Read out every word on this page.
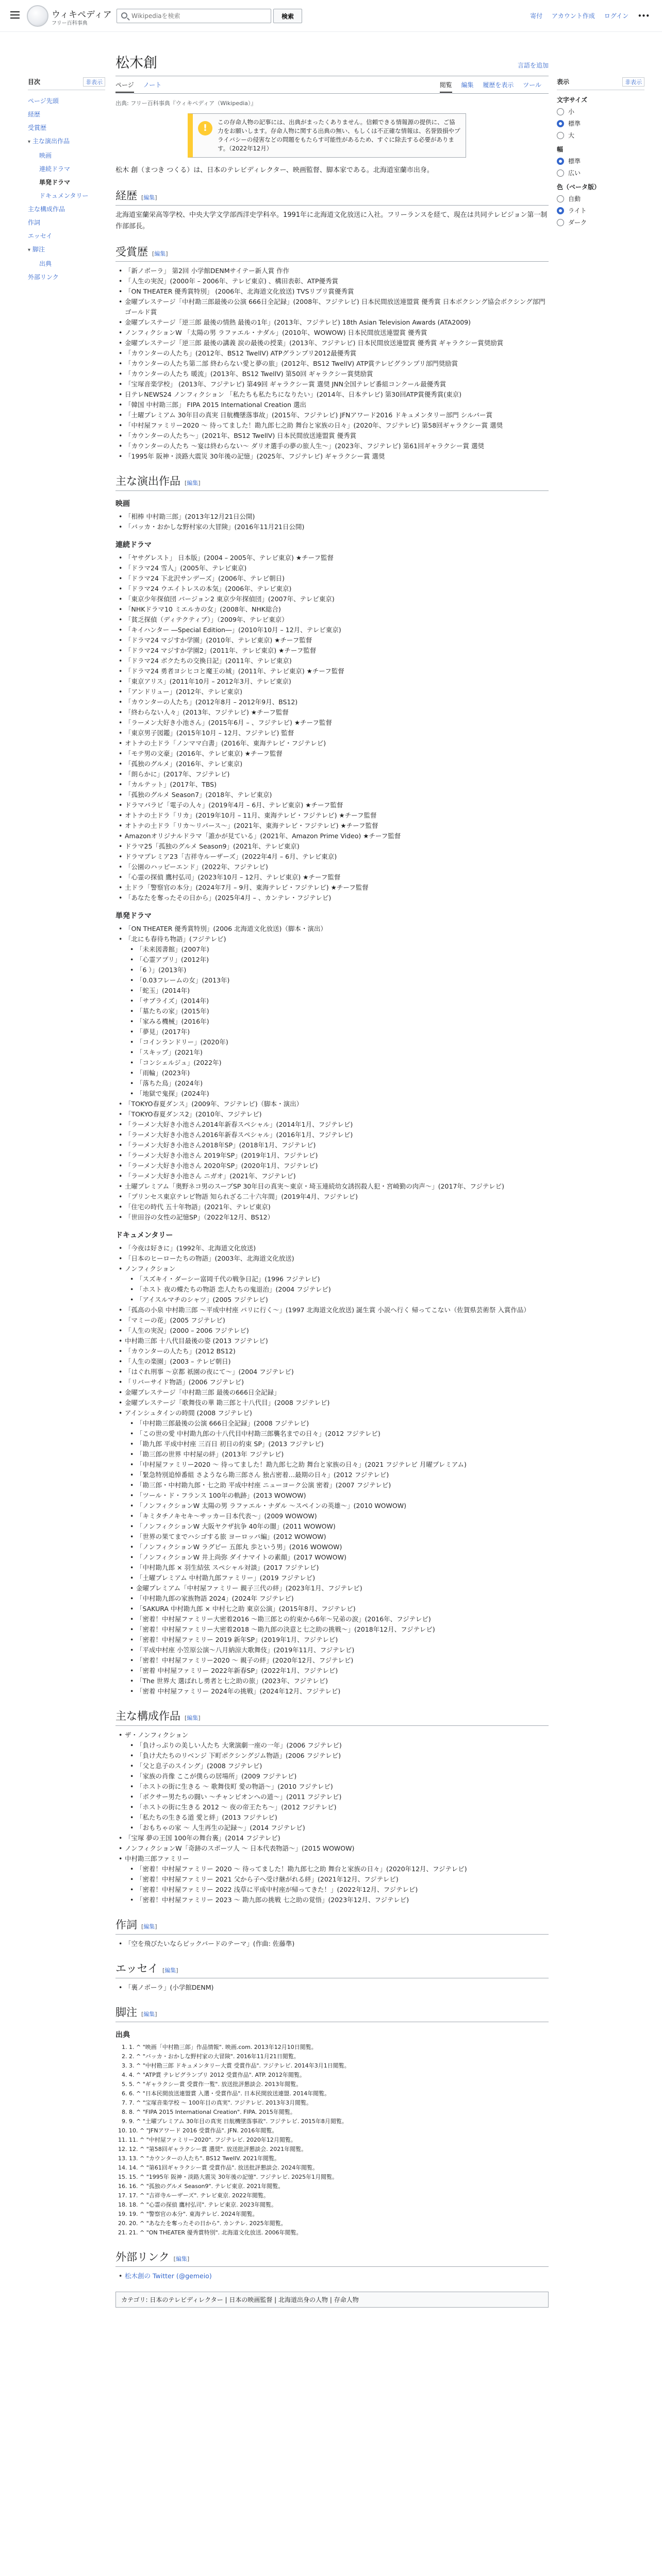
ウィキペディア
フリー百科事典
Wikipediaを検索
検索	寄付 アカウント作成 ログイン •••
目次	非表示
ページ先頭
経歴
受賞歴
▾ 主な演出作品
映画
連続ドラマ
単発ドラマ
ドキュメンタリー
主な構成作品
作詞
エッセイ
▾ 脚注
出典
外部リンク
松木創	言語を追加
ページ ノート	閲覧 編集 履歴を表示 ツール
出典: フリー百科事典『ウィキペディア（Wikipedia）』
!
この存命人物の記事には、出典がまったくありません。信頼できる情報源の提供に、ご協力をお願いします。存命人物に関する出典の無い、もしくは不正確な情報は、名誉毀損やプライバシーの侵害などの問題をもたらす可能性があるため、すぐに除去する必要があります。（2022年12月）

松木 創（まつき つくる）は、日本のテレビディレクター、映画監督、脚本家である。北海道室蘭市出身。

経歴 [編集]

北海道室蘭栄高等学校、中央大学文学部西洋史学科卒。1991年に北海道文化放送に入社。フリーランスを経て、現在は共同テレビジョン第一制作部部長。

受賞歴 [編集]
• 「新ノボーラ」 第2回 小学館DENMサイテー新人賞 作作
• 「人生の実況」(2000年 – 2006年、テレビ東京) 、構田表彰、ATP優秀賞
• 「ON THEATER 優秀賞特別」 (2006年、北海道文化放送) TVSリプリ賞優秀賞
• 金曜プレステージ「中村勘三郎最後の公演 666日全記録」(2008年、フジテレビ) 日本民間放送連盟賞 優秀賞 日本ボクシング協会ボクシング部門 ゴールド賞
• 金曜プレステージ「逆三郎 最後の情熱 最後の1年」(2013年、フジテレビ) 18th Asian Television Awards (ATA2009)
• ノンフィクションW 「太陽の男 ラファエル・ナダル」(2010年、WOWOW) 日本民間放送連盟賞 優秀賞
• 金曜プレステージ「逆三郎 最後の講義 涙の最後の授業」(2013年、フジテレビ) 日本民間放送連盟賞 優秀賞 ギャラクシー賞奨励賞
• 「カウンターの人たち」(2012年、BS12 TwellV) ATPグランプリ2012最優秀賞
• 「カウンターの人たち第二部 終わらない愛と夢の旅」(2012年、BS12 TwellV) ATP賞テレビグランプリ部門奨励賞
• 「カウンターの人たち 暖流」(2013年、BS12 TwellV) 第50回 ギャラクシー賞奨励賞
• 「宝塚音楽学校」 (2013年、フジテレビ) 第49回 ギャラクシー賞 選奨 JNN全国テレビ番組コンクール最優秀賞
• 日テレNEWS24 ノンフィクション 「私たちも私たちになりたい」(2014年、日本テレビ) 第30回ATP賞優秀賞(東京)
• 「韓国 中村勘三郎」 FIPA 2015 International Creation 選出
• 「土曜プレミアム 30年目の真実 日航機墜落事故」(2015年、フジテレビ) JFNアワード2016 ドキュメンタリー部門 シルバー賞
• 「中村屋ファミリー2020 〜 待ってました！勘九郎七之助 舞台と家族の日々」(2020年、フジテレビ) 第58回ギャラクシー賞 選奨
• 「カウンターの人たち～」(2021年、BS12 TwellV) 日本民間放送連盟賞 優秀賞
• 「カウンターの人たち 〜宴は終わらない〜 ダリオ選手の夢の旅人生～」(2023年、フジテレビ) 第61回ギャラクシー賞 選奨
• 「1995年 阪神・淡路大震災 30年後の記憶」(2025年、フジテレビ) ギャラクシー賞 選奨
主な演出作品 [編集]
映画
• 「相棒 中村勘三郎」(2013年12月21日公開)
• 「バッカ・おかしな野村家の大冒険」(2016年11月21日公開)
連続ドラマ
• 「ヤサグレスト」 日本版」(2004 – 2005年、テレビ東京) ★チーフ監督
• 「ドラマ24 雪人」(2005年、テレビ東京)
• 「ドラマ24 下北沢サンデーズ」(2006年、テレビ朝日)
• 「ドラマ24 ウエイトレスの本気」(2006年、テレビ東京)
• 「東京少年探偵団 バージョン2 東京少年探偵団」(2007年、テレビ東京)
• 「NHKドラマ10 ミエルカの女」(2008年、NHK総合)
• 「貧乏探偵（ディテクティブ）」（2009年、テレビ東京）
• 「キイハンター ―Special Edition―」(2010年10月 – 12月、テレビ東京)
• 「ドラマ24 マジすか学園」(2010年、テレビ東京) ★チーフ監督
• 「ドラマ24 マジすか学園2」(2011年、テレビ東京) ★チーフ監督
• 「ドラマ24 ボクたちの交換日記」(2011年、テレビ東京)
• 「ドラマ24 勇者ヨシヒコと魔王の城」(2011年、テレビ東京) ★チーフ監督
• 「東京アリス」(2011年10月 – 2012年3月、テレビ東京)
• 「アンドリュー」(2012年、テレビ東京)
• 「カウンターの人たち」(2012年8月 – 2012年9月、BS12)
• 「終わらない人々」(2013年、フジテレビ) ★チーフ監督
• 「ラーメン大好き小池さん」(2015年6月 – 、フジテレビ) ★チーフ監督
• 「東京男子図鑑」(2015年10月 – 12月、フジテレビ) 監督
• オトナの土ドラ「ノンママ白書」(2016年、東海テレビ・フジテレビ)
• 「モテ男の文豪」(2016年、テレビ東京) ★チーフ監督
• 「孤独のグルメ」(2016年、テレビ東京)
• 「朗らかに」(2017年、フジテレビ)
• 「カルテット」(2017年、TBS)
• 「孤独のグルメ Season7」(2018年、テレビ東京)
• ドラマパラビ「電子の人々」(2019年4月 – 6月、テレビ東京) ★チーフ監督
• オトナの土ドラ「リカ」(2019年10月 – 11月、東海テレビ・フジテレビ) ★チーフ監督
• オトナの土ドラ「リカ〜リバース〜」(2021年、東海テレビ・フジテレビ) ★チーフ監督
• Amazonオリジナルドラマ「誰かが見ている」(2021年、Amazon Prime Video) ★チーフ監督
• ドラマ25「孤独のグルメ Season9」(2021年、テレビ東京)
• ドラマプレミア23「吉祥寺ルーザーズ」(2022年4月 – 6月、テレビ東京)
• 「公園のハッピーエンド」(2022年、フジテレビ)
• 「心霊の探偵 鷹村弘司」(2023年10月 – 12月、テレビ東京) ★チーフ監督
• 土ドラ「警察官の本分」(2024年7月 – 9月、東海テレビ・フジテレビ) ★チーフ監督
• 「あなたを奪ったその日から」(2025年4月 – 、カンテレ・フジテレビ)
単発ドラマ
• 「ON THEATER 優秀賞特別」(2006 北海道文化放送)（脚本・演出）
• 「北にも春待ち物語」(フジテレビ)
• 「未来図書館」(2007年)
• 「心霊アプリ」(2012年)
• 「6 ）」(2013年)
• 「0.03フレームの女」(2013年)
• 「蛇玉」(2014年)
• 「サブライズ」(2014年)
• 「墓たちの家」(2015年)
• 「家みる機械」(2016年)
• 「夢見」(2017年)
• 「コインランドリー」(2020年)
• 「スキップ」(2021年)
• 「コンシェルジュ」(2022年)
• 「雨輪」(2023年)
• 「落ちた鳥」(2024年)
• 「地獄で鬼探」(2024年)
• 「TOKYO春夏ダンス」(2009年、フジテレビ)（脚本・演出）
• 「TOKYO春夏ダンス2」(2010年、フジテレビ)
• 「ラーメン大好き小池さん2014年新春スペシャル」(2014年1月、フジテレビ)
• 「ラーメン大好き小池さん2016年新春スペシャル」(2016年1月、フジテレビ)
• 「ラーメン大好き小池さん2018年SP」(2018年1月、フジテレビ)
• 「ラーメン大好き小池さん 2019年SP」(2019年1月、フジテレビ)
• 「ラーメン大好き小池さん 2020年SP」(2020年1月、フジテレビ)
• 「ラーメン大好き小池さん ニガオ」(2021年、フジテレビ)
• 土曜プレミアム「奥野ネコ男のスープSP 30年目の真実〜東京・埼玉連続幼女誘拐殺人犯・宮崎勤の肉声〜」(2017年、フジテレビ)
• 「プリンセス東京テレビ物語 知られざる二十六年間」(2019年4月、フジテレビ)
• 「住宅の時代 五十年物語」(2021年、テレビ東京)
• 「世田谷の女性の記憶SP」（2022年12月、BS12）
ドキュメンタリー
• 「今夜は好きに」(1992年、北海道文化放送)
• 「日本のヒーローたちの物語」(2003年、北海道文化放送)
• ノンフィクション
• 「スズキイ・ダーシー富岡千代の戦争日記」(1996 フジテレビ)
• 「ホスト 夜の蝶たちの物語 恋人たちの鬼退治」(2004 フジテレビ)
• 「アイスルマチのシャツ」(2005 フジテレビ)
• 「孤高の小泉 中村勘三郎 〜平成中村座 パリに行く〜」(1997 北海道文化放送) 誕生賞 小説へ行く 帰ってこない（佐賀県芸術祭 入賞作品）
• 「マミーの花」(2005 フジテレビ)
• 「人生の実況」(2000 – 2006 フジテレビ)
• 中村勘三郎 十八代目最後の姿 (2013 フジテレビ)
• 「カウンターの人たち」(2012 BS12)
• 「人生の楽園」(2003 – テレビ朝日)
• 「はぐれ刑事 〜京都 祇園の夜にて〜」(2004 フジテレビ)
• 「リバーサイド物語」(2006 フジテレビ)
• 金曜プレステージ「中村勘三郎 最後の666日全記録」
• 金曜プレステージ「歌舞伎の華 勘三郎と十八代目」(2008 フジテレビ)
• アインシュタインの時間 (2008 フジテレビ)
• 「中村勘三郎最後の公演 666日全記録」(2008 フジテレビ)
• 「この世の愛 中村勘九郎の十八代目中村勘三郎襲名までの日々」(2012 フジテレビ)
• 「勘九郎 平成中村座 三百日 初日の約束 SP」(2013 フジテレビ)
• 「勘三郎の世界 中村屋の絆」(2013年 フジテレビ)
• 「中村屋ファミリー2020 〜 待ってました！勘九郎七之助 舞台と家族の日々」(2021 フジテレビ 月曜プレミアム)
• 「緊急特別追悼番組 さようなら勘三郎さん 独占密着…最期の日々」(2012 フジテレビ)
• 「勘三郎・中村勘九郎・七之助 平成中村座 ニューヨーク公演 密着」(2007 フジテレビ)
• 「ツール・ド・フランス 100年の軌跡」(2013 WOWOW)
• 「ノンフィクションW 太陽の男 ラファエル・ナダル 〜スペインの英雄〜」(2010 WOWOW)
• 「キミタチノキセキ〜サッカー日本代表〜」(2009 WOWOW)
• 「ノンフィクションW 大阪ヤクザ抗争 40年の闇」(2011 WOWOW)
• 「世界の果てまでハシゴする旅 ヨーロッパ編」(2012 WOWOW)
• 「ノンフィクションW ラグビー 五郎丸 歩という男」(2016 WOWOW)
• 「ノンフィクションW 井上尚弥 ダイナマイトの素顔」(2017 WOWOW)
• 「中村勘九郎 × 羽生結弦 スペシャル対談」(2017 フジテレビ)
• 「土曜プレミアム 中村勘九郎ファミリー」(2019 フジテレビ)
• 金曜プレミアム「中村屋ファミリー 親子三代の絆」(2023年1月、フジテレビ)
• 「中村勘九郎の家族物語 2024」(2024年 フジテレビ)
• 「SAKURA 中村勘九郎 × 中村七之助 東京公演」(2015年8月、フジテレビ)
• 「密着！中村屋ファミリー大密着2016 〜勘三郎との約束から6年〜兄弟の涙」(2016年、フジテレビ)
• 「密着！中村屋ファミリー大密着2018 ～勘九郎の決意と七之助の挑戦～」(2018年12月、フジテレビ)
• 「密着！中村屋ファミリー 2019 新年SP」(2019年1月、フジテレビ)
• 「平成中村座 小笠原公演〜八月納涼大歌舞伎」(2019年11月、フジテレビ)
• 「密着！中村屋ファミリー2020 〜 親子の絆」(2020年12月、フジテレビ)
• 「密着 中村屋ファミリー 2022年新春SP」(2022年1月、フジテレビ)
• 「The 世界大 選ばれし勇者と七之助の旅」(2023年、フジテレビ)
• 「密着 中村屋ファミリー 2024年の挑戦」(2024年12月、フジテレビ)
主な構成作品 [編集]
• ザ・ノンフィクション
• 「負けっぷりの美しい人たち 大衆演劇一座の一年」(2006 フジテレビ)
• 「負け犬たちのリベンジ 下町ボクシングジム物語」(2006 フジテレビ)
• 「父と息子のスイング」(2008 フジテレビ)
• 「家族の肖像 ここが僕らの居場所」(2009 フジテレビ)
• 「ホストの街に生きる ～ 歌舞伎町 愛の物語～」(2010 フジテレビ)
• 「ボクサー男たちの闘い ～チャンピオンへの道～」(2011 フジテレビ)
• 「ホストの街に生きる 2012 ～ 夜の帝王たち～」(2012 フジテレビ)
• 「私たちの生きる道 愛と絆」(2013 フジテレビ)
• 「おもちゃの家 ～ 人生再生の記録～」(2014 フジテレビ)
• 「宝塚 夢の王国 100年の舞台裏」(2014 フジテレビ)
• ノンフィクションW「奇跡のスポーツ人 〜 日本代表物語〜」(2015 WOWOW)
• 中村勘三郎ファミリー
• 「密着！中村屋ファミリー 2020 〜 待ってました！勘九郎七之助 舞台と家族の日々」(2020年12月、フジテレビ)
• 「密着！中村屋ファミリー 2021 父から子へ受け継がれる絆」(2021年12月、フジテレビ)
• 「密着！中村屋ファミリー 2022 浅草に平成中村座が帰ってきた！」(2022年12月、フジテレビ)
• 「密着！中村屋ファミリー 2023 〜 勘九郎の挑戦 七之助の覚悟」(2023年12月、フジテレビ)
作詞 [編集]
• 「空を飛びたいならピックバードのテーマ」(作曲: 佐藤準)
エッセイ [編集]
• 「裏ノボーラ」(小学館DENM)
脚注 [編集]
出典
1. 1. ^ "映画「中村勘三郎」作品情報". 映画.com. 2013年12月10日閲覧。
2. 2. ^ "バッカ・おかしな野村家の大冒険". 2016年11月21日閲覧。
3. 3. ^ "中村勘三郎 ドキュメンタリー大賞 受賞作品". フジテレビ. 2014年3月1日閲覧。
4. 4. ^ "ATP賞 テレビグランプリ 2012 受賞作品". ATP. 2012年閲覧。
5. 5. ^ "ギャラクシー賞 受賞作一覧". 放送批評懇談会. 2013年閲覧。
6. 6. ^ "日本民間放送連盟賞 入選・受賞作品". 日本民間放送連盟. 2014年閲覧。
7. 7. ^ "宝塚音楽学校 〜 100年目の真実". フジテレビ. 2013年3月閲覧。
8. 8. ^ "FIPA 2015 International Creation". FIPA. 2015年閲覧。
9. 9. ^ "土曜プレミアム 30年目の真実 日航機墜落事故". フジテレビ. 2015年8月閲覧。
10. 10. ^ "JFNアワード 2016 受賞作品". JFN. 2016年閲覧。
11. 11. ^ "中村屋ファミリー2020". フジテレビ. 2020年12月閲覧。
12. 12. ^ "第58回ギャラクシー賞 選奨". 放送批評懇談会. 2021年閲覧。
13. 13. ^ "カウンターの人たち". BS12 TwellV. 2021年閲覧。
14. 14. ^ "第61回ギャラクシー賞 受賞作品". 放送批評懇談会. 2024年閲覧。
15. 15. ^ "1995年 阪神・淡路大震災 30年後の記憶". フジテレビ. 2025年1月閲覧。
16. 16. ^ "孤独のグルメ Season9". テレビ東京. 2021年閲覧。
17. 17. ^ "吉祥寺ルーザーズ". テレビ東京. 2022年閲覧。
18. 18. ^ "心霊の探偵 鷹村弘司". テレビ東京. 2023年閲覧。
19. 19. ^ "警察官の本分". 東海テレビ. 2024年閲覧。
20. 20. ^ "あなたを奪ったその日から". カンテレ. 2025年閲覧。
21. 21. ^ "ON THEATER 優秀賞特別". 北海道文化放送. 2006年閲覧。
外部リンク [編集]
• 松木創の Twitter (@gemeio)
カテゴリ: 日本のテレビディレクター | 日本の映画監督 | 北海道出身の人物 | 存命人物
表示	非表示
文字サイズ
小
標準
大
幅
標準
広い
色（ベータ版）
自動
ライト
ダーク
